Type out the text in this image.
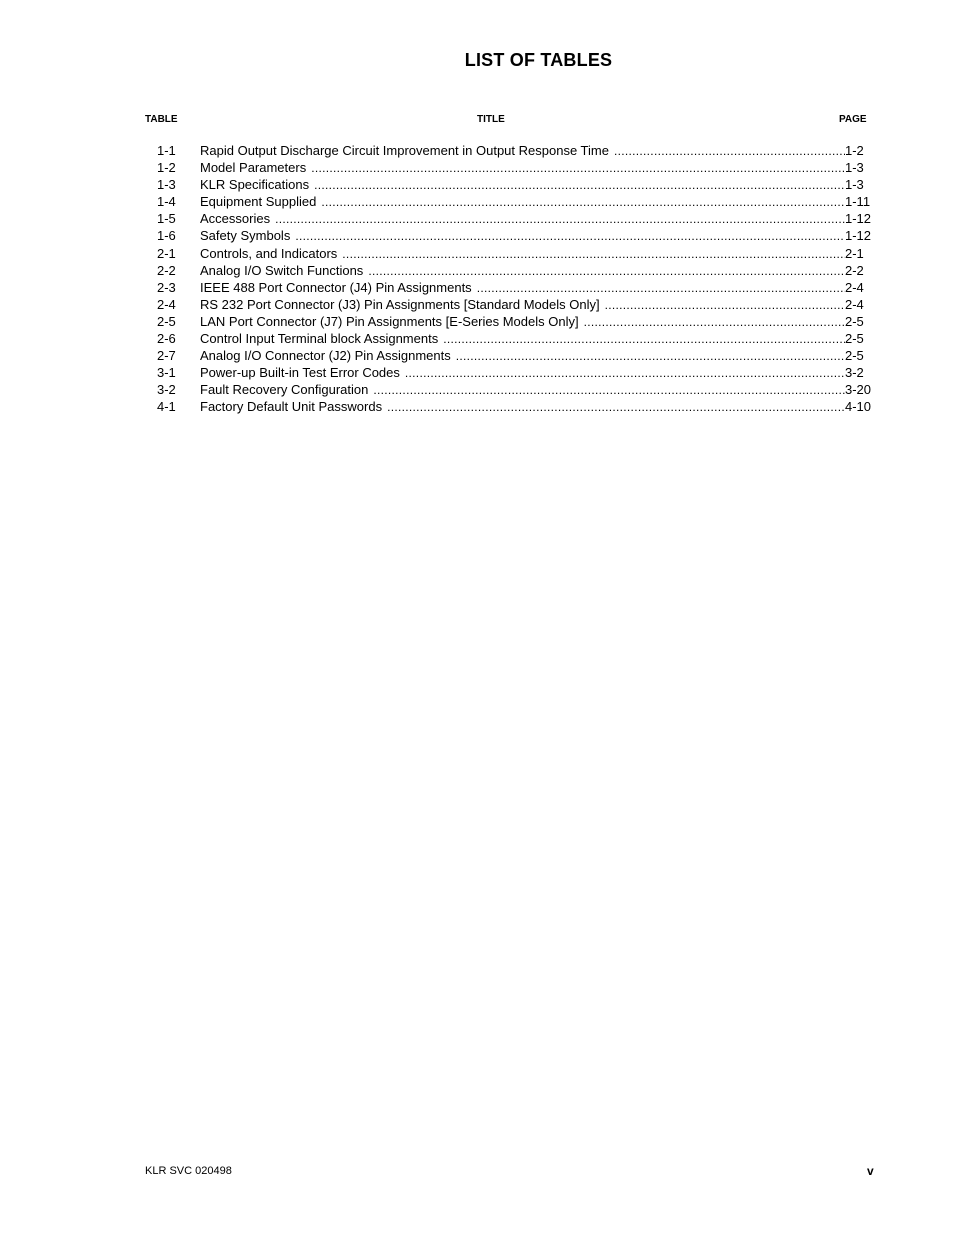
LIST OF TABLES
TABLE	TITLE	PAGE
1-1 Rapid Output Discharge Circuit Improvement in Output Response Time .....	1-2
1-2 Model Parameters .....	1-3
1-3 KLR Specifications .....	1-3
1-4 Equipment Supplied .....	1-11
1-5 Accessories .....	1-12
1-6 Safety Symbols .....	1-12
2-1 Controls, and Indicators .....	2-1
2-2 Analog I/O Switch Functions .....	2-2
2-3 IEEE 488 Port Connector (J4) Pin Assignments .....	2-4
2-4 RS 232 Port Connector (J3) Pin Assignments [Standard Models Only] .....	2-4
2-5 LAN Port Connector (J7) Pin Assignments [E-Series Models Only] .....	2-5
2-6 Control Input Terminal block Assignments .....	2-5
2-7 Analog I/O Connector (J2) Pin Assignments .....	2-5
3-1 Power-up Built-in Test Error Codes .....	3-2
3-2 Fault Recovery Configuration .....	3-20
4-1 Factory Default Unit Passwords .....	4-10
KLR SVC 020498	v
